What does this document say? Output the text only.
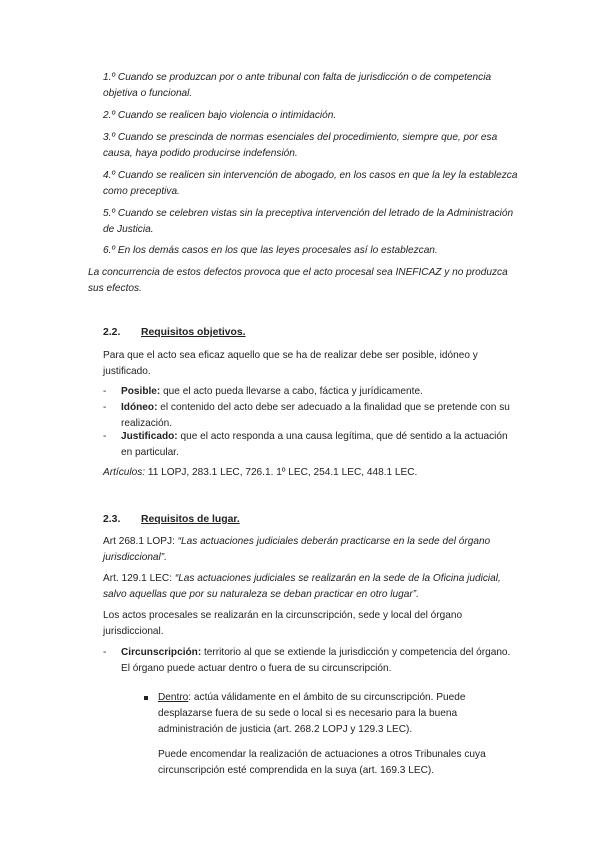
1.º Cuando se produzcan por o ante tribunal con falta de jurisdicción o de competencia objetiva o funcional.

2.º Cuando se realicen bajo violencia o intimidación.

3.º Cuando se prescinda de normas esenciales del procedimiento, siempre que, por esa causa, haya podido producirse indefensión.

4.º Cuando se realicen sin intervención de abogado, en los casos en que la ley la establezca como preceptiva.

5.º Cuando se celebren vistas sin la preceptiva intervención del letrado de la Administración de Justicia.

6.º En los demás casos en los que las leyes procesales así lo establezcan.

La concurrencia de estos defectos provoca que el acto procesal sea INEFICAZ y no produzca sus efectos.

2.2. Requisitos objetivos.

Para que el acto sea eficaz aquello que se ha de realizar debe ser posible, idóneo y justificado.

- Posible: que el acto pueda llevarse a cabo, fáctica y jurídicamente.
- Idóneo: el contenido del acto debe ser adecuado a la finalidad que se pretende con su realización.
- Justificado: que el acto responda a una causa legítima, que dé sentido a la actuación en particular.

Artículos: 11 LOPJ, 283.1 LEC, 726.1. 1º LEC, 254.1 LEC, 448.1 LEC.

2.3. Requisitos de lugar.

Art 268.1 LOPJ: “Las actuaciones judiciales deberán practicarse en la sede del órgano jurisdiccional”.

Art. 129.1 LEC: “Las actuaciones judiciales se realizarán en la sede de la Oficina judicial, salvo aquellas que por su naturaleza se deban practicar en otro lugar”.

Los actos procesales se realizarán en la circunscripción, sede y local del órgano jurisdiccional.

- Circunscripción: territorio al que se extiende la jurisdicción y competencia del órgano. El órgano puede actuar dentro o fuera de su circunscripción.
Dentro: actúa válidamente en el ámbito de su circunscripción. Puede desplazarse fuera de su sede o local si es necesario para la buena administración de justicia (art. 268.2 LOPJ y 129.3 LEC).

Puede encomendar la realización de actuaciones a otros Tribunales cuya circunscripción esté comprendida en la suya (art. 169.3 LEC).
